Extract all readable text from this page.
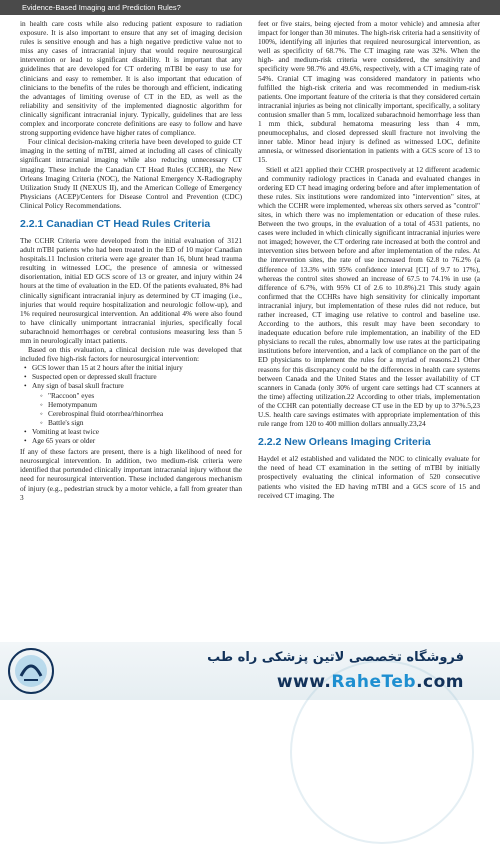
Evidence-Based Imaging and Prediction Rules?

in health care costs while also reducing patient exposure to radiation exposure. It is also important to ensure that any set of imaging decision rules is sensitive enough and has a high negative predictive value not to miss any cases of intracranial injury that would require neurosurgical intervention or lead to significant disability. It is important that any guidelines that are developed for CT ordering mTBI be easy to use for clinicians and easy to remember. It is also important that education of clinicians to the benefits of the rules be thorough and efficient, indicating the advantages of limiting overuse of CT in the ED, as well as the reliability and sensitivity of the implemented diagnostic algorithm for clinically significant intracranial injury. Typically, guidelines that are less complex and incorporate concrete definitions are easy to follow and have strong supporting evidence have higher rates of compliance.

Four clinical decision-making criteria have been developed to guide CT imaging in the setting of mTBI, aimed at including all cases of clinically significant intracranial imaging while also reducing unnecessary CT imaging. These include the Canadian CT Head Rules (CCHR), the New Orleans Imaging Criteria (NOC), the National Emergency X-Radiography Utilization Study II (NEXUS II), and the American College of Emergency Physicians (ACEP)/Centers for Disease Control and Prevention (CDC) Clinical Policy Recommendations.

2.2.1 Canadian CT Head Rules Criteria

The CCHR Criteria were developed from the initial evaluation of 3121 adult mTBI patients who had been treated in the ED of 10 major Canadian hospitals.11 Inclusion criteria were age greater than 16, blunt head trauma resulting in witnessed LOC, the presence of amnesia or witnessed disorientation, initial ED GCS score of 13 or greater, and injury within 24 hours at the time of evaluation in the ED. Of the patients evaluated, 8% had clinically significant intracranial injury as determined by CT imaging (i.e., injuries that would require hospitalization and neurologic follow-up), and 1% required neurosurgical intervention. An additional 4% were also found to have clinically unimportant intracranial injuries, specifically focal subarachnoid hemorrhages or cerebral contusions measuring less than 5 mm in neurologically intact patients.

Based on this evaluation, a clinical decision rule was developed that included five high-risk factors for neurosurgical intervention:

• GCS lower than 15 at 2 hours after the initial injury
• Suspected open or depressed skull fracture
• Any sign of basal skull fracture
◦ "Raccoon" eyes
◦ Hemotympanum
◦ Cerebrospinal fluid otorrhea/rhinorrhea
◦ Battle's sign
• Vomiting at least twice
• Age 65 years or older

If any of these factors are present, there is a high likelihood of need for neurosurgical intervention. In addition, two medium-risk criteria were identified that portended clinically important intracranial injury without the need for neurosurgical intervention. These included dangerous mechanism of injury (e.g., pedestrian struck by a motor vehicle, a fall from greater than 3

feet or five stairs, being ejected from a motor vehicle) and amnesia after impact for longer than 30 minutes. The high-risk criteria had a sensitivity of 100%, identifying all injuries that required neurosurgical intervention, as well as specificity of 68.7%. The CT imaging rate was 32%. When the high- and medium-risk criteria were considered, the sensitivity and specificity were 98.7% and 49.6%, respectively, with a CT imaging rate of 54%. Cranial CT imaging was considered mandatory in patients who fulfilled the high-risk criteria and was recommended in medium-risk patients. One important feature of the criteria is that they considered certain intracranial injuries as being not clinically important, specifically, a solitary contusion smaller than 5 mm, localized subarachnoid hemorrhage less than 1 mm thick, subdural hematoma measuring less than 4 mm, pneumocephalus, and closed depressed skull fracture not involving the inner table. Minor head injury is defined as witnessed LOC, definite amnesia, or witnessed disorientation in patients with a GCS score of 13 to 15.

Stiell et al21 applied their CCHR prospectively at 12 different academic and community radiology practices in Canada and evaluated changes in ordering ED CT head imaging ordering before and after implementation of these rules. Six institutions were randomized into "intervention" sites, at which the CCHR were implemented, whereas six others served as "control" sites, in which there was no implementation or education of these rules. Between the two groups, in the evaluation of a total of 4531 patients, no cases were included in which clinically significant intracranial injuries were not imaged; however, the CT ordering rate increased at both the control and intervention sites between before and after implementation of the rules. At the intervention sites, the rate of use increased from 62.8 to 76.2% (a difference of 13.3% with 95% confidence interval [CI] of 9.7 to 17%), whereas the control sites showed an increase of 67.5 to 74.1% in use (a difference of 6.7%, with 95% CI of 2.6 to 10.8%).21 This study again confirmed that the CCHRs have high sensitivity for clinically important intracranial injury, but implementation of these rules did not reduce, but rather increased, CT imaging use relative to control and baseline use. According to the authors, this result may have been secondary to inadequate education before rule implementation, an inability of the ED physicians to recall the rules, abnormally low use rates at the participating institutions before intervention, and a lack of compliance on the part of the ED physicians to implement the rules for a myriad of reasons.21 Other reasons for this discrepancy could be the differences in health care systems between Canada and the United States and the lesser availability of CT scanners in Canada (only 30% of urgent care settings had CT scanners at the time) affecting utilization.22 According to other trials, implementation of the CCHR can potentially decrease CT use in the ED by up to 37%.5,23 U.S. health care savings estimates with appropriate implementation of this rule range from 120 to 400 million dollars annually.23,24

2.2.2 New Orleans Imaging Criteria

Haydel et al2 established and validated the NOC to clinically evaluate for the need of head CT examination in the setting of mTBI by initially prospectively evaluating the clinical information of 520 consecutive patients who visited the ED having mTBI and a GCS score of 15 and received CT imaging. The

فروشگاه تخصصی لاتین پزشکی راه طب
www.RaheTeb.com
